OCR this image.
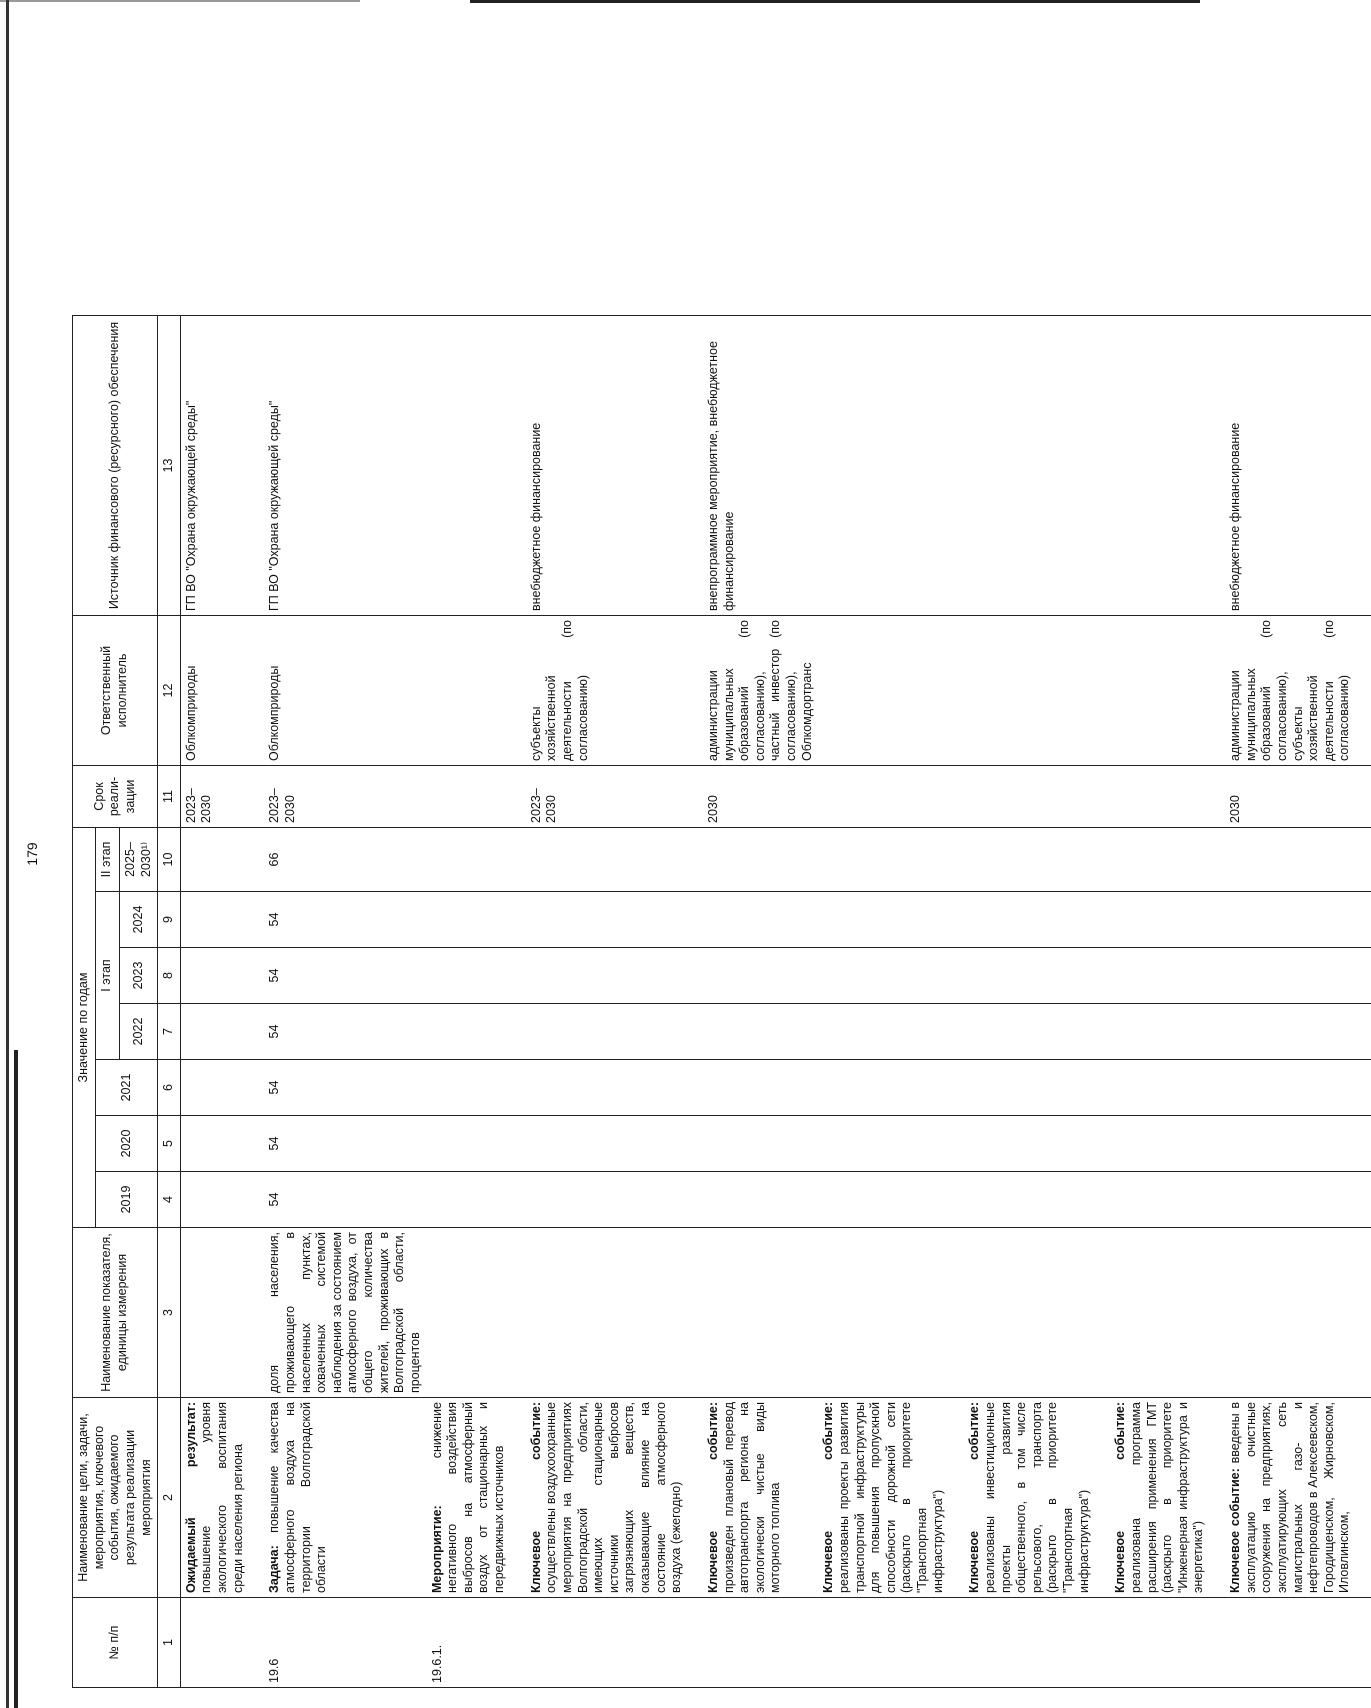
179
№ п/п	Наименование цели, задачи, мероприятия, ключевого события, ожидаемого результата реализации мероприятия	Наименование показателя, единицы измерения	Значение по годам							Срок реали-зации	Ответственный исполнитель	Источник финансового (ресурсного) обеспечения
			2019	2020	2021	I этап			II этап			
						2022	2023	2024	2025–2030¹⁾			
1	2	3	4	5	6	7	8	9	10	11	12	13
	Ожидаемый результат: повышение уровня экологического воспитания среди населения региона									2023–2030	Облкомприроды	ГП ВО "Охрана окружающей среды"
19.6	Задача: повышение качества атмосферного воздуха на территории Волгоградской области	доля населения, проживающего в населенных пунктах, охваченных системой наблюдения за состоянием атмосферного воздуха, от общего количества жителей, проживающих в Волгоградской области, процентов	54	54	54	54	54	54	66	2023–2030	Облкомприроды	ГП ВО "Охрана окружающей среды"
19.6.1.	Мероприятие: снижение негативного воздействия выбросов на атмосферный воздух от стационарных и передвижных источников											
	Ключевое событие: осуществлены воздухоохранные мероприятия на предприятиях Волгоградской области, имеющих стационарные источники выбросов загрязняющих веществ, оказывающие влияние на состояние атмосферного воздуха (ежегодно)									2023–2030	субъекты хозяйственной деятельности (по согласованию)	внебюджетное финансирование
	Ключевое событие: произведен плановый перевод автотранспорта региона на экологически чистые виды моторного топлива									2030	администрации муниципальных образований (по согласованию), частный инвестор (по согласованию), Облкомдортранс	внепрограммное мероприятие, внебюджетное финансирование
	Ключевое событие: реализованы проекты развития транспортной инфраструктуры для повышения пропускной способности дорожной сети (раскрыто в приоритете "Транспортная инфраструктура")											
	Ключевое событие: реализованы инвестиционные проекты развития общественного, в том числе рельсового, транспорта (раскрыто в приоритете "Транспортная инфраструктура")											
	Ключевое событие: реализована программа расширения применения ГМТ (раскрыто в приоритете "Инженерная инфраструктура и энергетика")											
	Ключевое событие: введены в эксплуатацию очистные сооружения на предприятиях, эксплуатирующих сеть магистральных газо- и нефтепроводов в Алексеевском, Городищенском, Жирновском, Иловлинском,									2030	администрации муниципальных образований (по согласованию), субъекты хозяйственной деятельности (по согласованию)	внебюджетное финансирование
